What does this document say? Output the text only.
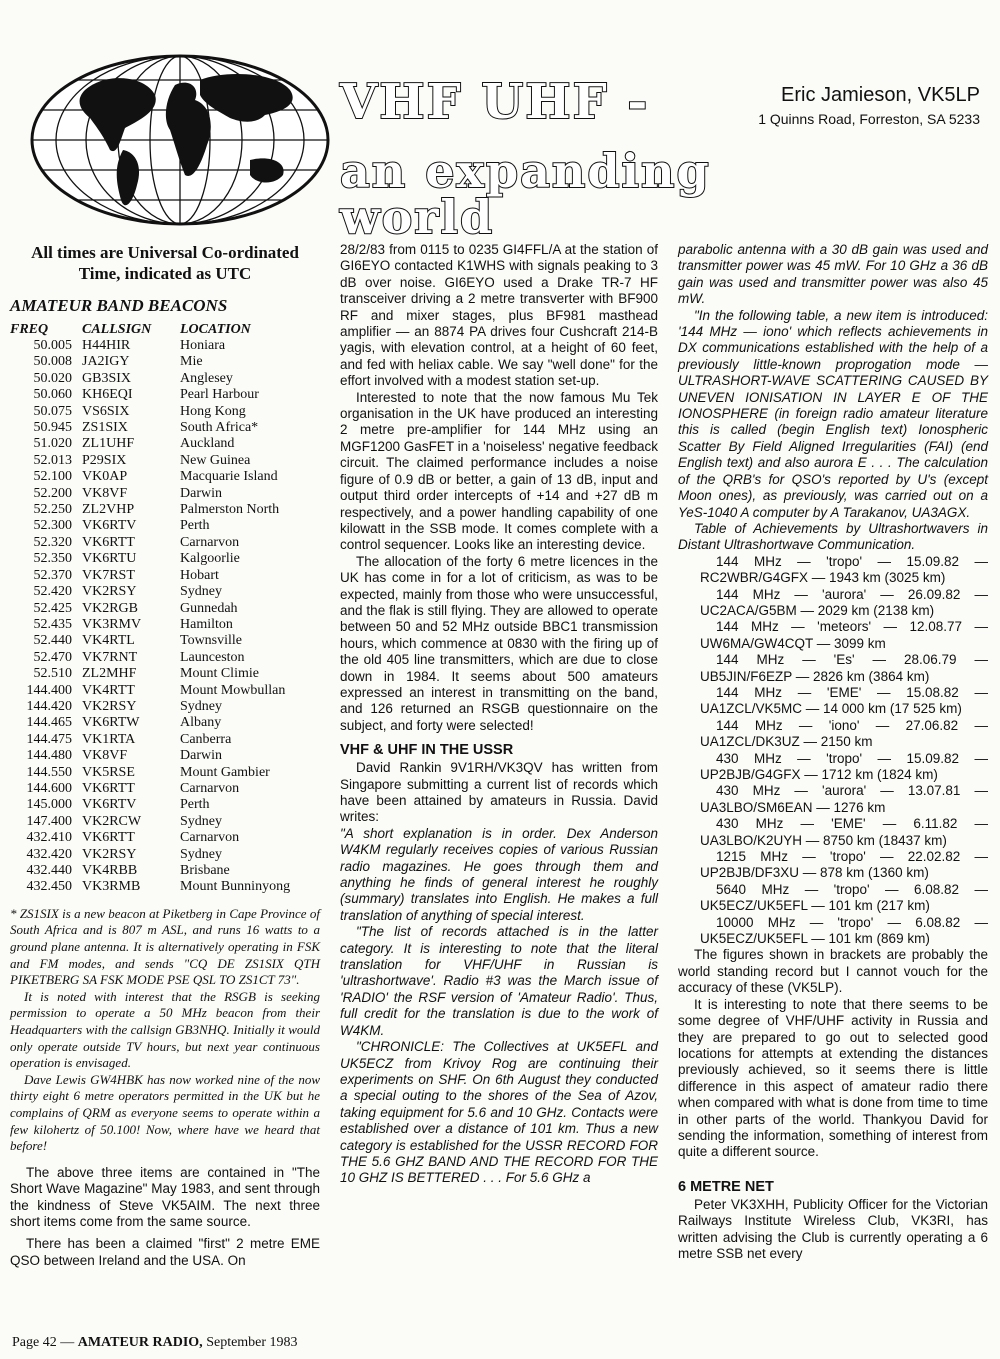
VHF UHF -
an expanding world
Eric Jamieson, VK5LP
1 Quinns Road, Forreston, SA 5233
All times are Universal Co-ordinated Time, indicated as UTC
AMATEUR BAND BEACONS
FREQ	CALLSIGN	LOCATION
50.005	H44HIR	Honiara
50.008	JA2IGY	Mie
50.020	GB3SIX	Anglesey
50.060	KH6EQI	Pearl Harbour
50.075	VS6SIX	Hong Kong
50.945	ZS1SIX	South Africa*
51.020	ZL1UHF	Auckland
52.013	P29SIX	New Guinea
52.100	VK0AP	Macquarie Island
52.200	VK8VF	Darwin
52.250	ZL2VHP	Palmerston North
52.300	VK6RTV	Perth
52.320	VK6RTT	Carnarvon
52.350	VK6RTU	Kalgoorlie
52.370	VK7RST	Hobart
52.420	VK2RSY	Sydney
52.425	VK2RGB	Gunnedah
52.435	VK3RMV	Hamilton
52.440	VK4RTL	Townsville
52.470	VK7RNT	Launceston
52.510	ZL2MHF	Mount Climie
144.400	VK4RTT	Mount Mowbullan
144.420	VK2RSY	Sydney
144.465	VK6RTW	Albany
144.475	VK1RTA	Canberra
144.480	VK8VF	Darwin
144.550	VK5RSE	Mount Gambier
144.600	VK6RTT	Carnarvon
145.000	VK6RTV	Perth
147.400	VK2RCW	Sydney
432.410	VK6RTT	Carnarvon
432.420	VK2RSY	Sydney
432.440	VK4RBB	Brisbane
432.450	VK3RMB	Mount Bunninyong

* ZS1SIX is a new beacon at Piketberg in Cape Province of South Africa and is 807 m ASL, and runs 16 watts to a ground plane antenna. It is alternatively operating in FSK and FM modes, and sends "CQ DE ZS1SIX QTH PIKETBERG SA FSK MODE PSE QSL TO ZS1CT 73".

It is noted with interest that the RSGB is seeking permission to operate a 50 MHz beacon from their Headquarters with the callsign GB3NHQ. Initially it would only operate outside TV hours, but next year continuous operation is envisaged.

Dave Lewis GW4HBK has now worked nine of the now thirty eight 6 metre operators permitted in the UK but he complains of QRM as everyone seems to operate within a few kilohertz of 50.100! Now, where have we heard that before!

The above three items are contained in "The Short Wave Magazine" May 1983, and sent through the kindness of Steve VK5AIM. The next three short items come from the same source.

There has been a claimed "first" 2 metre EME QSO between Ireland and the USA. On

28/2/83 from 0115 to 0235 GI4FFL/A at the station of GI6EYO contacted K1WHS with signals peaking to 3 dB over noise. GI6EYO used a Drake TR-7 HF transceiver driving a 2 metre transverter with BF900 RF and mixer stages, plus BF981 masthead amplifier — an 8874 PA drives four Cushcraft 214-B yagis, with elevation control, at a height of 60 feet, and fed with heliax cable. We say "well done" for the effort involved with a modest station set-up.

Interested to note that the now famous Mu Tek organisation in the UK have produced an interesting 2 metre pre-amplifier for 144 MHz using an MGF1200 GasFET in a 'noiseless' negative feedback circuit. The claimed performance includes a noise figure of 0.9 dB or better, a gain of 13 dB, input and output third order intercepts of +14 and +27 dB m respectively, and a power handling capability of one kilowatt in the SSB mode. It comes complete with a control sequencer. Looks like an interesting device.

The allocation of the forty 6 metre licences in the UK has come in for a lot of criticism, as was to be expected, mainly from those who were unsuccessful, and the flak is still flying. They are allowed to operate between 50 and 52 MHz outside BBC1 transmission hours, which commence at 0830 with the firing up of the old 405 line transmitters, which are due to close down in 1984. It seems about 500 amateurs expressed an interest in transmitting on the band, and 126 returned an RSGB questionnaire on the subject, and forty were selected!

VHF & UHF IN THE USSR

David Rankin 9V1RH/VK3QV has written from Singapore submitting a current list of records which have been attained by amateurs in Russia. David writes:

"A short explanation is in order. Dex Anderson W4KM regularly receives copies of various Russian radio magazines. He goes through them and anything he finds of general interest he roughly (summary) translates into English. He makes a full translation of anything of special interest.

"The list of records attached is in the latter category. It is interesting to note that the literal translation for VHF/UHF in Russian is 'ultrashortwave'. Radio #3 was the March issue of 'RADIO' the RSF version of 'Amateur Radio'. Thus, full credit for the translation is due to the work of W4KM.

"CHRONICLE: The Collectives at UK5EFL and UK5ECZ from Krivoy Rog are continuing their experiments on SHF. On 6th August they conducted a special outing to the shores of the Sea of Azov, taking equipment for 5.6 and 10 GHz. Contacts were established over a distance of 101 km. Thus a new category is established for the USSR RECORD FOR THE 5.6 GHZ BAND AND THE RECORD FOR THE 10 GHZ IS BETTERED . . . For 5.6 GHz a

parabolic antenna with a 30 dB gain was used and transmitter power was 45 mW. For 10 GHz a 36 dB gain was used and transmitter power was also 45 mW.

"In the following table, a new item is introduced: '144 MHz — iono' which reflects achievements in DX communications established with the help of a previously little-known proprogation mode — ULTRASHORT-WAVE SCATTERING CAUSED BY UNEVEN IONISATION IN LAYER E OF THE IONOSPHERE (in foreign radio amateur literature this is called (begin English text) Ionospheric Scatter By Field Aligned Irregularities (FAI) (end English text) and also aurora E . . . The calculation of the QRB's for QSO's reported by U's (except Moon ones), as previously, was carried out on a YeS-1040 A computer by A Tarakanov, UA3AGX.

Table of Achievements by Ultrashortwavers in Distant Ultrashortwave Communication.

144 MHz — 'tropo' — 15.09.82 — RC2WBR/G4GFX — 1943 km (3025 km)

144 MHz — 'aurora' — 26.09.82 — UC2ACA/G5BM — 2029 km (2138 km)

144 MHz — 'meteors' — 12.08.77 — UW6MA/GW4CQT — 3099 km

144 MHz — 'Es' — 28.06.79 — UB5JIN/F6EZP — 2826 km (3864 km)

144 MHz — 'EME' — 15.08.82 — UA1ZCL/VK5MC — 14 000 km (17 525 km)

144 MHz — 'iono' — 27.06.82 — UA1ZCL/DK3UZ — 2150 km

430 MHz — 'tropo' — 15.09.82 — UP2BJB/G4GFX — 1712 km (1824 km)

430 MHz — 'aurora' — 13.07.81 — UA3LBO/SM6EAN — 1276 km

430 MHz — 'EME' — 6.11.82 — UA3LBO/K2UYH — 8750 km (18437 km)

1215 MHz — 'tropo' — 22.02.82 — UP2BJB/DF3XU — 878 km (1360 km)

5640 MHz — 'tropo' — 6.08.82 — UK5ECZ/UK5EFL — 101 km (217 km)

10000 MHz — 'tropo' — 6.08.82 — UK5ECZ/UK5EFL — 101 km (869 km)

The figures shown in brackets are probably the world standing record but I cannot vouch for the accuracy of these (VK5LP).

It is interesting to note that there seems to be some degree of VHF/UHF activity in Russia and they are prepared to go out to selected good locations for attempts at extending the distances previously achieved, so it seems there is little difference in this aspect of amateur radio there when compared with what is done from time to time in other parts of the world. Thankyou David for sending the information, something of interest from quite a different source.

6 METRE NET

Peter VK3XHH, Publicity Officer for the Victorian Railways Institute Wireless Club, VK3RI, has written advising the Club is currently operating a 6 metre SSB net every

Page 42 — AMATEUR RADIO, September 1983
